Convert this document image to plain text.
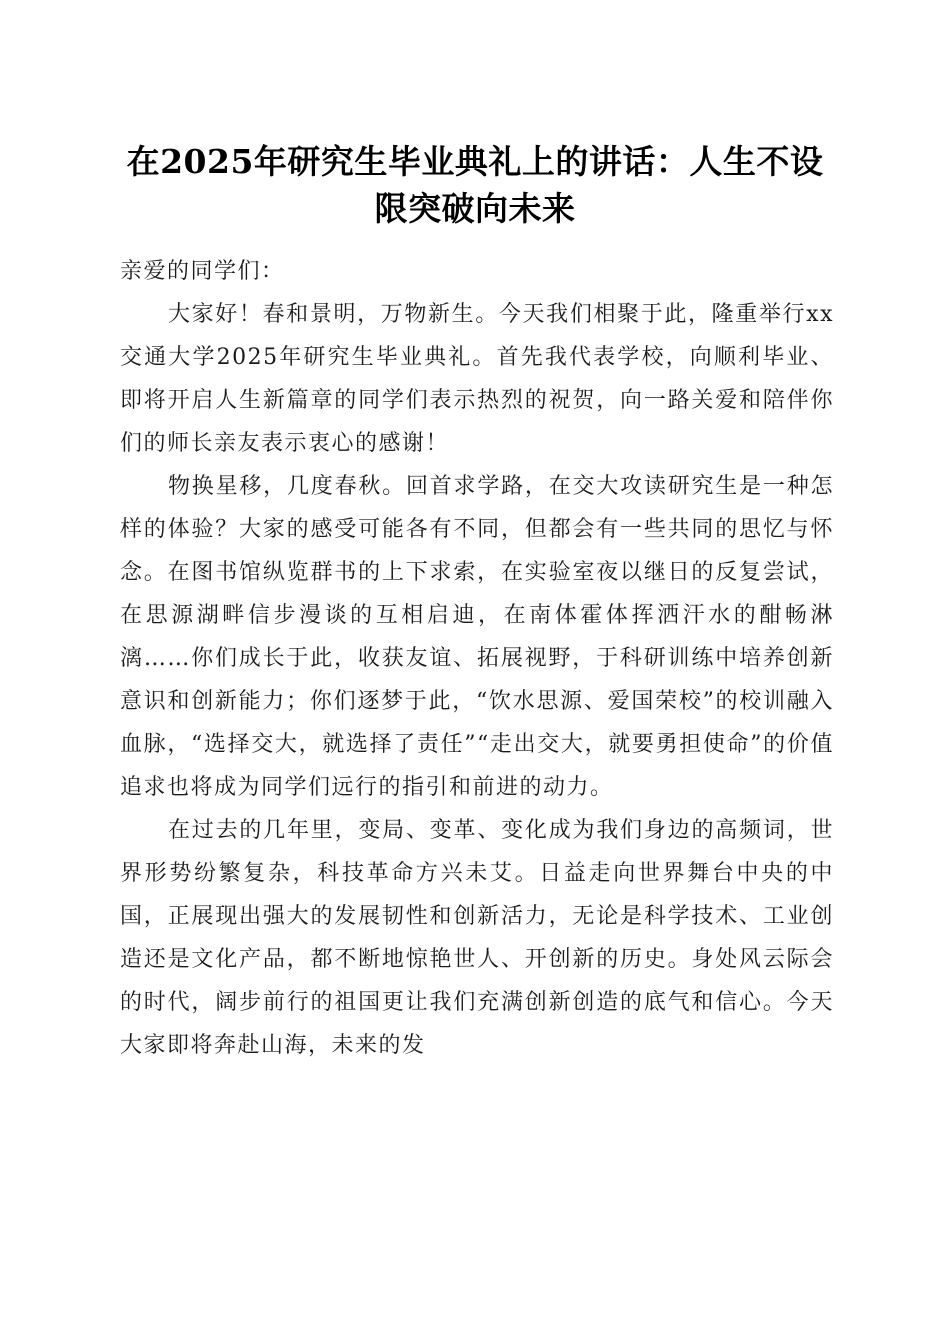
在2025年研究生毕业典礼上的讲话：人生不设限突破向未来

亲爱的同学们：

大家好！春和景明，万物新生。今天我们相聚于此，隆重举行xx交通大学2025年研究生毕业典礼。首先我代表学校，向顺利毕业、即将开启人生新篇章的同学们表示热烈的祝贺，向一路关爱和陪伴你们的师长亲友表示衷心的感谢！

物换星移，几度春秋。回首求学路，在交大攻读研究生是一种怎样的体验？大家的感受可能各有不同，但都会有一些共同的思忆与怀念。在图书馆纵览群书的上下求索，在实验室夜以继日的反复尝试，在思源湖畔信步漫谈的互相启迪，在南体霍体挥洒汗水的酣畅淋漓……你们成长于此，收获友谊、拓展视野，于科研训练中培养创新意识和创新能力；你们逐梦于此，“饮水思源、爱国荣校”的校训融入血脉，“选择交大，就选择了责任”“走出交大，就要勇担使命”的价值追求也将成为同学们远行的指引和前进的动力。

在过去的几年里，变局、变革、变化成为我们身边的高频词，世界形势纷繁复杂，科技革命方兴未艾。日益走向世界舞台中央的中国，正展现出强大的发展韧性和创新活力，无论是科学技术、工业创造还是文化产品，都不断地惊艳世人、开创新的历史。身处风云际会的时代，阔步前行的祖国更让我们充满创新创造的底气和信心。今天大家即将奔赴山海，未来的发
